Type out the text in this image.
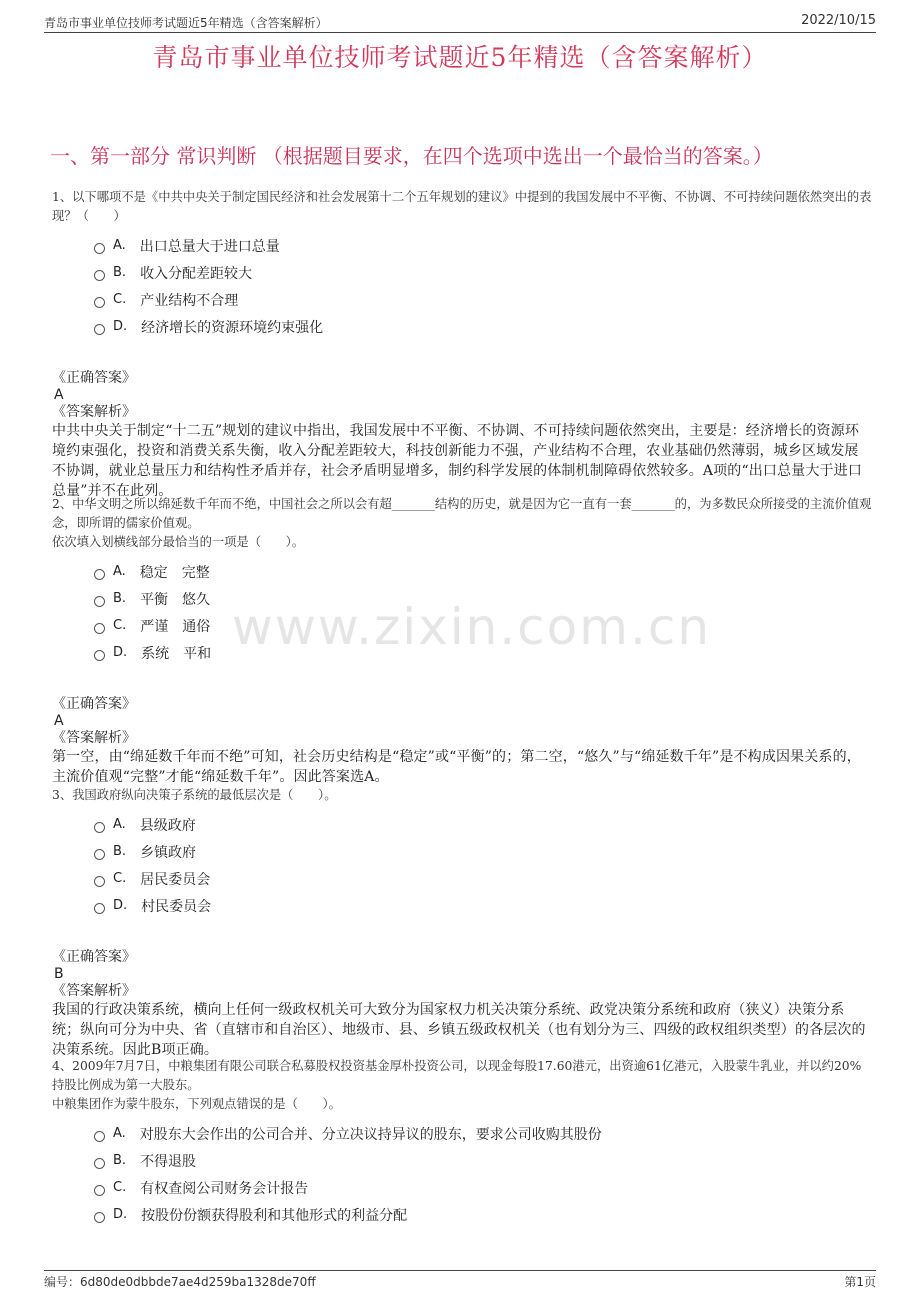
青岛市事业单位技师考试题近5年精选（含答案解析）	2022/10/15
青岛市事业单位技师考试题近5年精选（含答案解析）
一、第一部分 常识判断 （根据题目要求，在四个选项中选出一个最恰当的答案。）
www.zixin.com.cn

1、以下哪项不是《中共中央关于制定国民经济和社会发展第十二个五年规划的建议》中提到的我国发展中不平衡、不协调、不可持续问题依然突出的表现？（　　）

A. 出口总量大于进口总量
B. 收入分配差距较大
C. 产业结构不合理
D. 经济增长的资源环境约束强化
《正确答案》
A
《答案解析》
中共中央关于制定“十二五”规划的建议中指出，我国发展中不平衡、不协调、不可持续问题依然突出，主要是：经济增长的资源环境约束强化，投资和消费关系失衡，收入分配差距较大，科技创新能力不强，产业结构不合理，农业基础仍然薄弱，城乡区域发展不协调，就业总量压力和结构性矛盾并存，社会矛盾明显增多，制约科学发展的体制机制障碍依然较多。A项的“出口总量大于进口总量”并不在此列。

2、中华文明之所以绵延数千年而不绝，中国社会之所以会有超_______结构的历史，就是因为它一直有一套_______的，为多数民众所接受的主流价值观念，即所谓的儒家价值观。

依次填入划横线部分最恰当的一项是（　　）。

A. 稳定　完整
B. 平衡　悠久
C. 严谨　通俗
D. 系统　平和
《正确答案》
A
《答案解析》
第一空，由“绵延数千年而不绝”可知，社会历史结构是“稳定”或“平衡”的；第二空，“悠久”与“绵延数千年”是不构成因果关系的，主流价值观“完整”才能“绵延数千年”。因此答案选A。

3、我国政府纵向决策子系统的最低层次是（　　）。

A. 县级政府
B. 乡镇政府
C. 居民委员会
D. 村民委员会
《正确答案》
B
《答案解析》
我国的行政决策系统，横向上任何一级政权机关可大致分为国家权力机关决策分系统、政党决策分系统和政府（狭义）决策分系统；纵向可分为中央、省（直辖市和自治区）、地级市、县、乡镇五级政权机关（也有划分为三、四级的政权组织类型）的各层次的决策系统。因此B项正确。

4、2009年7月7日，中粮集团有限公司联合私募股权投资基金厚朴投资公司，以现金每股17.60港元，出资逾61亿港元，入股蒙牛乳业，并以约20%持股比例成为第一大股东。

中粮集团作为蒙牛股东，下列观点错误的是（　　）。

A. 对股东大会作出的公司合并、分立决议持异议的股东，要求公司收购其股份
B. 不得退股
C. 有权查阅公司财务会计报告
D. 按股份份额获得股利和其他形式的利益分配
编号：6d80de0dbbde7ae4d259ba1328de70ff	第1页
